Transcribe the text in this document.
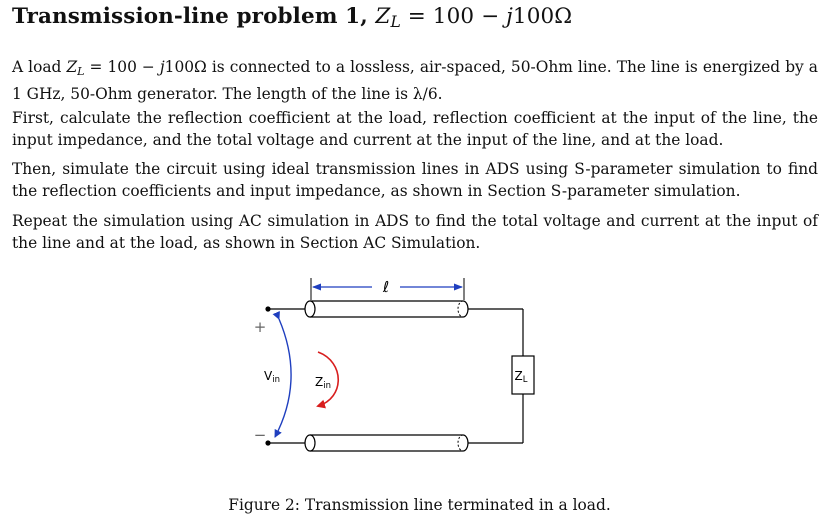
Transmission-line problem 1, $Z_L = 100 - j100\Omega$

A load $Z_L = 100 - j100\Omega$ is connected to a lossless, air-spaced, 50-Ohm line. The line is energized by a 1 GHz, 50-Ohm generator. The length of the line is λ/6.

First, calculate the reflection coefficient at the load, reflection coefficient at the input of the line, the input impedance, and the total voltage and current at the input of the line, and at the load.

Then, simulate the circuit using ideal transmission lines in ADS using S-parameter simulation to find the reflection coefficients and input impedance, as shown in Section S-parameter simulation.

Repeat the simulation using AC simulation in ADS to find the total voltage and current at the input of the line and at the load, as shown in Section AC Simulation.

ℓ
ZL
+
−
Vin	Zin

Figure 2: Transmission line terminated in a load.
